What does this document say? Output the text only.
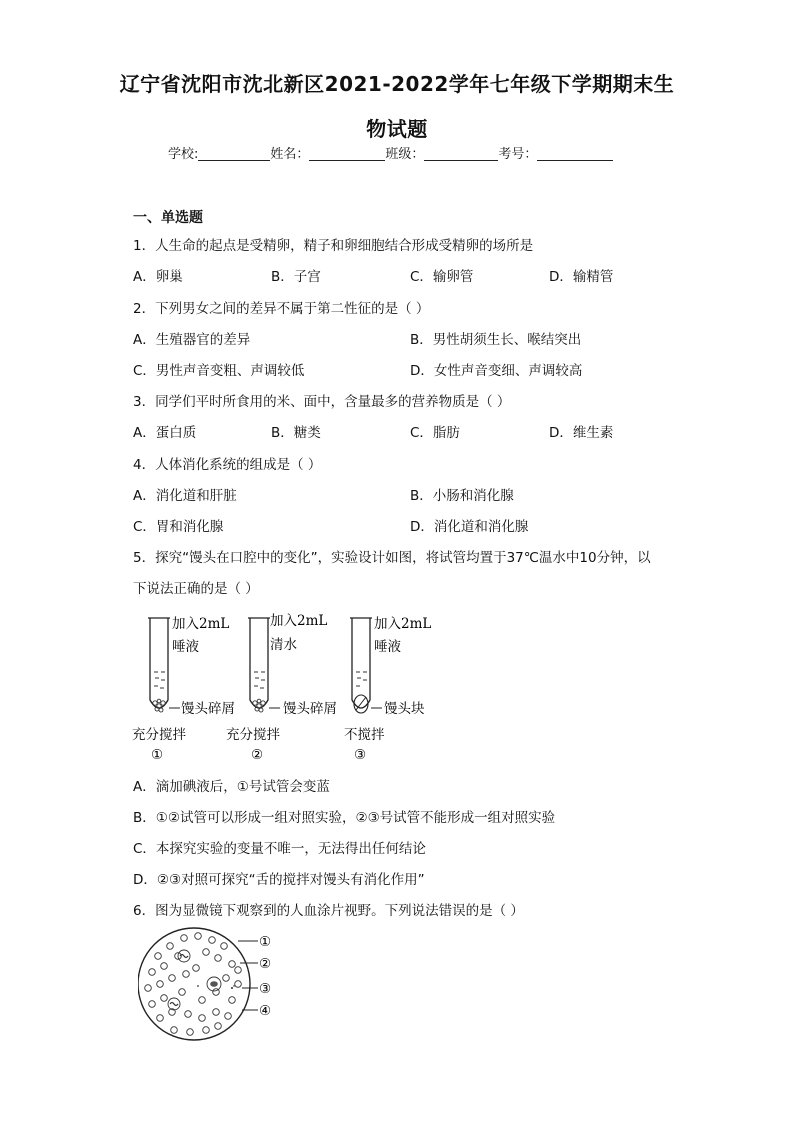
辽宁省沈阳市沈北新区2021-2022学年七年级下学期期末生
物试题
学校:	姓名：	班级：	考号：
一、单选题
1．人生命的起点是受精卵，精子和卵细胞结合形成受精卵的场所是
A．卵巢	B．子宫	C．输卵管	D．输精管
2．下列男女之间的差异不属于第二性征的是（ ）
A．生殖器官的差异	B．男性胡须生长、喉结突出
C．男性声音变粗、声调较低	D．女性声音变细、声调较高
3．同学们平时所食用的米、面中，含量最多的营养物质是（ ）
A．蛋白质	B．糖类	C．脂肪	D．维生素
4．人体消化系统的组成是（ ）
A．消化道和肝脏	B．小肠和消化腺
C．胃和消化腺	D．消化道和消化腺
5．探究“馒头在口腔中的变化”，实验设计如图，将试管均置于37℃温水中10分钟，以
下说法正确的是（ ）
加入2mL
唾液
馒头碎屑
充分搅拌
①
加入2mL
清水
馒头碎屑
充分搅拌
②
加入2mL
唾液
馒头块
不搅拌
③
A．滴加碘液后，①号试管会变蓝
B．①②试管可以形成一组对照实验，②③号试管不能形成一组对照实验
C．本探究实验的变量不唯一，无法得出任何结论
D．②③对照可探究“舌的搅拌对馒头有消化作用”
6．图为显微镜下观察到的人血涂片视野。下列说法错误的是（ ）
①
②
③
④
